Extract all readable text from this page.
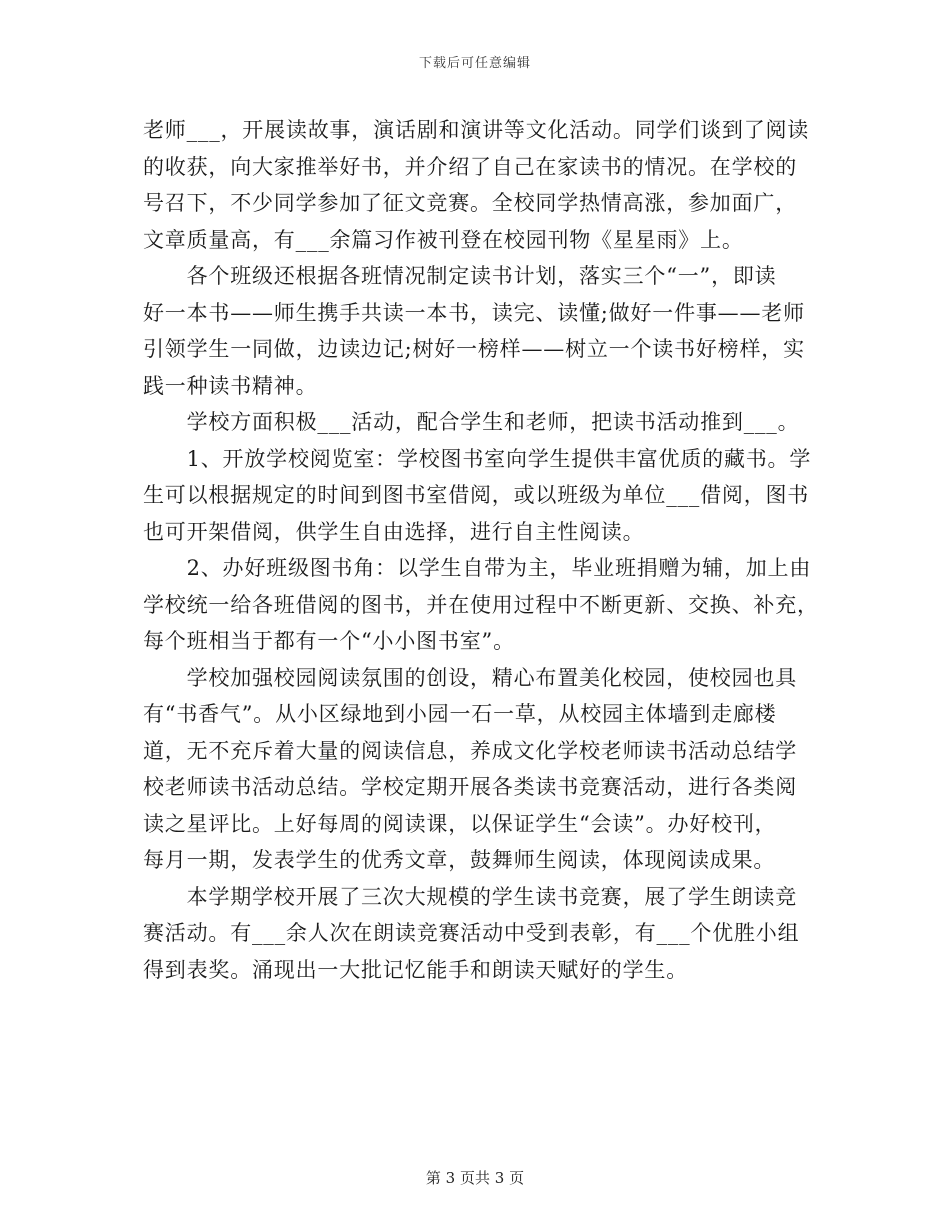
下载后可任意编辑
老师___，开展读故事，演话剧和演讲等文化活动。同学们谈到了阅读
的收获，向大家推举好书，并介绍了自己在家读书的情况。在学校的
号召下，不少同学参加了征文竞赛。全校同学热情高涨，参加面广，
文章质量高，有___余篇习作被刊登在校园刊物《星星雨》上。
　　各个班级还根据各班情况制定读书计划，落实三个“一”，即读
好一本书——师生携手共读一本书，读完、读懂;做好一件事——老师
引领学生一同做，边读边记;树好一榜样——树立一个读书好榜样，实
践一种读书精神。
　　学校方面积极___活动，配合学生和老师，把读书活动推到___。
　　1、开放学校阅览室：学校图书室向学生提供丰富优质的藏书。学
生可以根据规定的时间到图书室借阅，或以班级为单位___借阅，图书
也可开架借阅，供学生自由选择，进行自主性阅读。
　　2、办好班级图书角：以学生自带为主，毕业班捐赠为辅，加上由
学校统一给各班借阅的图书，并在使用过程中不断更新、交换、补充，
每个班相当于都有一个“小小图书室”。
　　学校加强校园阅读氛围的创设，精心布置美化校园，使校园也具
有“书香气”。从小区绿地到小园一石一草，从校园主体墙到走廊楼
道，无不充斥着大量的阅读信息，养成文化学校老师读书活动总结学
校老师读书活动总结。学校定期开展各类读书竞赛活动，进行各类阅
读之星评比。上好每周的阅读课，以保证学生“会读”。办好校刊，
每月一期，发表学生的优秀文章，鼓舞师生阅读，体现阅读成果。
　　本学期学校开展了三次大规模的学生读书竞赛，展了学生朗读竞
赛活动。有___余人次在朗读竞赛活动中受到表彰，有___个优胜小组
得到表奖。涌现出一大批记忆能手和朗读天赋好的学生。
第 3 页共 3 页
